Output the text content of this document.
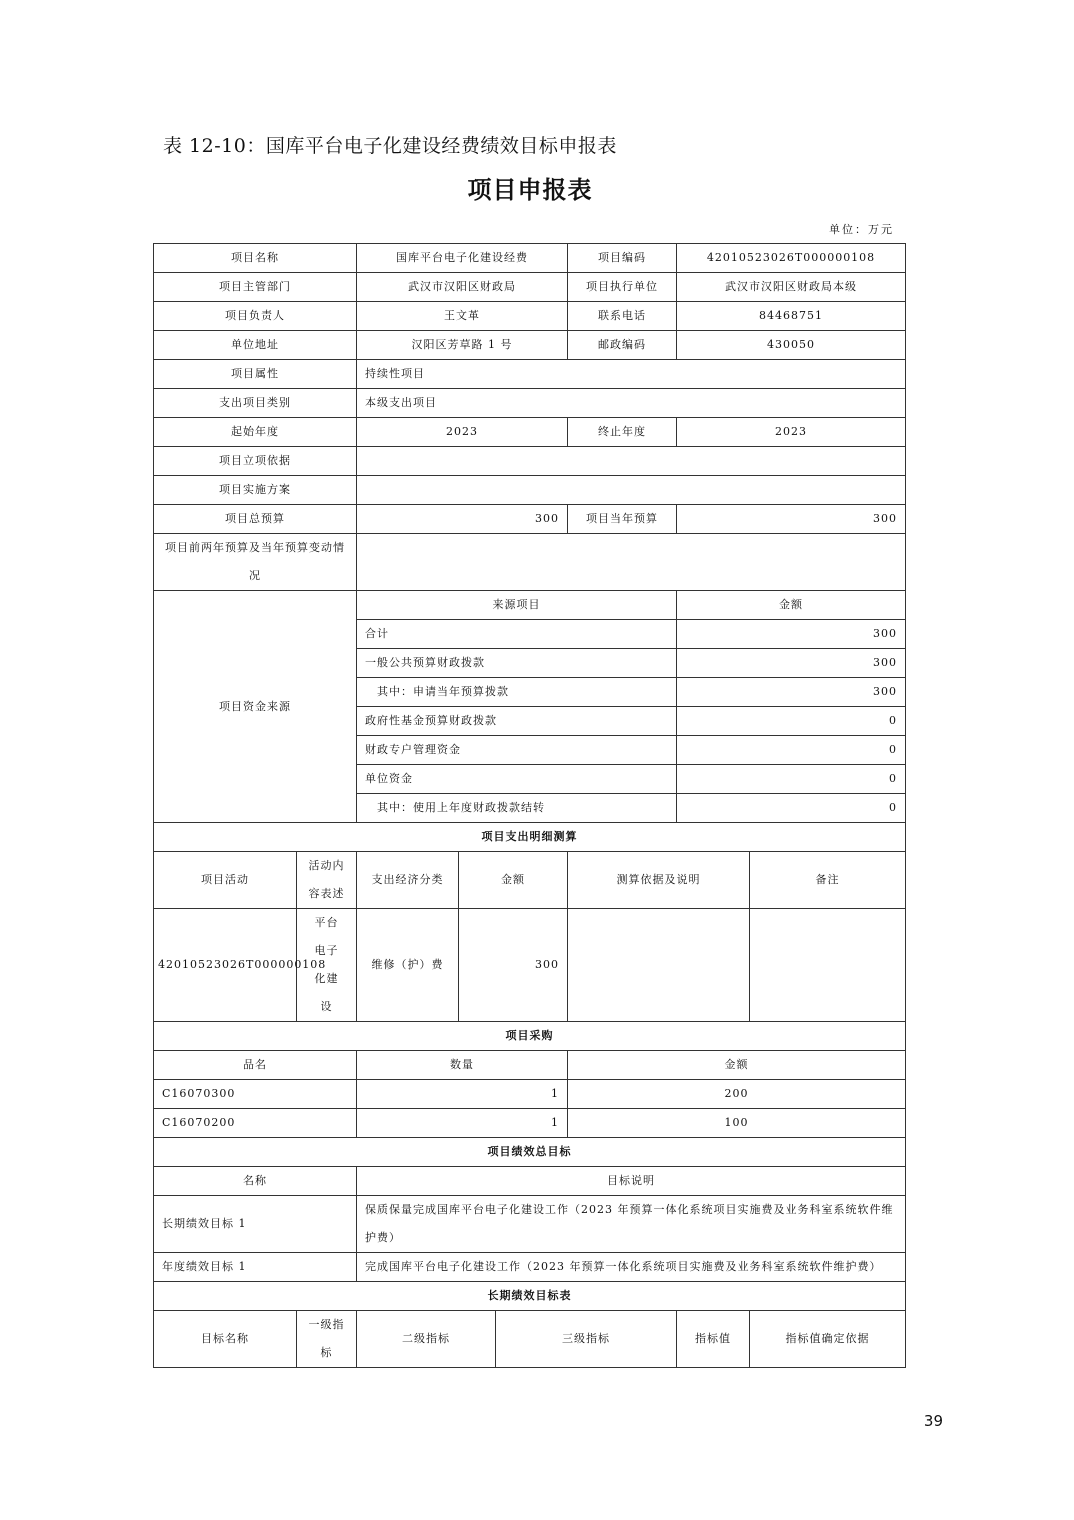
表 12-10：国库平台电子化建设经费绩效目标申报表
项目申报表
单位：万元
项目名称		国库平台电子化建设经费			项目编码	42010523026T000000108	
项目主管部门		武汉市汉阳区财政局			项目执行单位	武汉市汉阳区财政局本级	
项目负责人		王文革			联系电话	84468751	
单位地址		汉阳区芳草路 1 号			邮政编码	430050	
项目属性		持续性项目					
支出项目类别		本级支出项目					
起始年度		2023			终止年度	2023	
项目立项依据							
项目实施方案							
项目总预算		300			项目当年预算	300	
项目前两年预算及当年预算变动情况							
项目资金来源		来源项目				金额	
		合计				300	
		一般公共预算财政拨款				300	
		其中：申请当年预算拨款				300	
		政府性基金预算财政拨款				0	
		财政专户管理资金				0	
		单位资金				0	
		其中：使用上年度财政拨款结转				0	
项目支出明细测算							
项目活动	活动内容表述	支出经济分类	金额		测算依据及说明		备注
42010523026T000000108	平台电子化建设	维修（护）费	300				
项目采购							
品名		数量			金额		
C16070300		1			200		
C16070200		1			100		
项目绩效总目标							
名称		目标说明					
长期绩效目标 1		保质保量完成国库平台电子化建设工作（2023 年预算一体化系统项目实施费及业务科室系统软件维护费）					
年度绩效目标 1		完成国库平台电子化建设工作（2023 年预算一体化系统项目实施费及业务科室系统软件维护费）					
长期绩效目标表							
目标名称	一级指标	二级指标		三级指标		指标值	指标值确定依据
39
